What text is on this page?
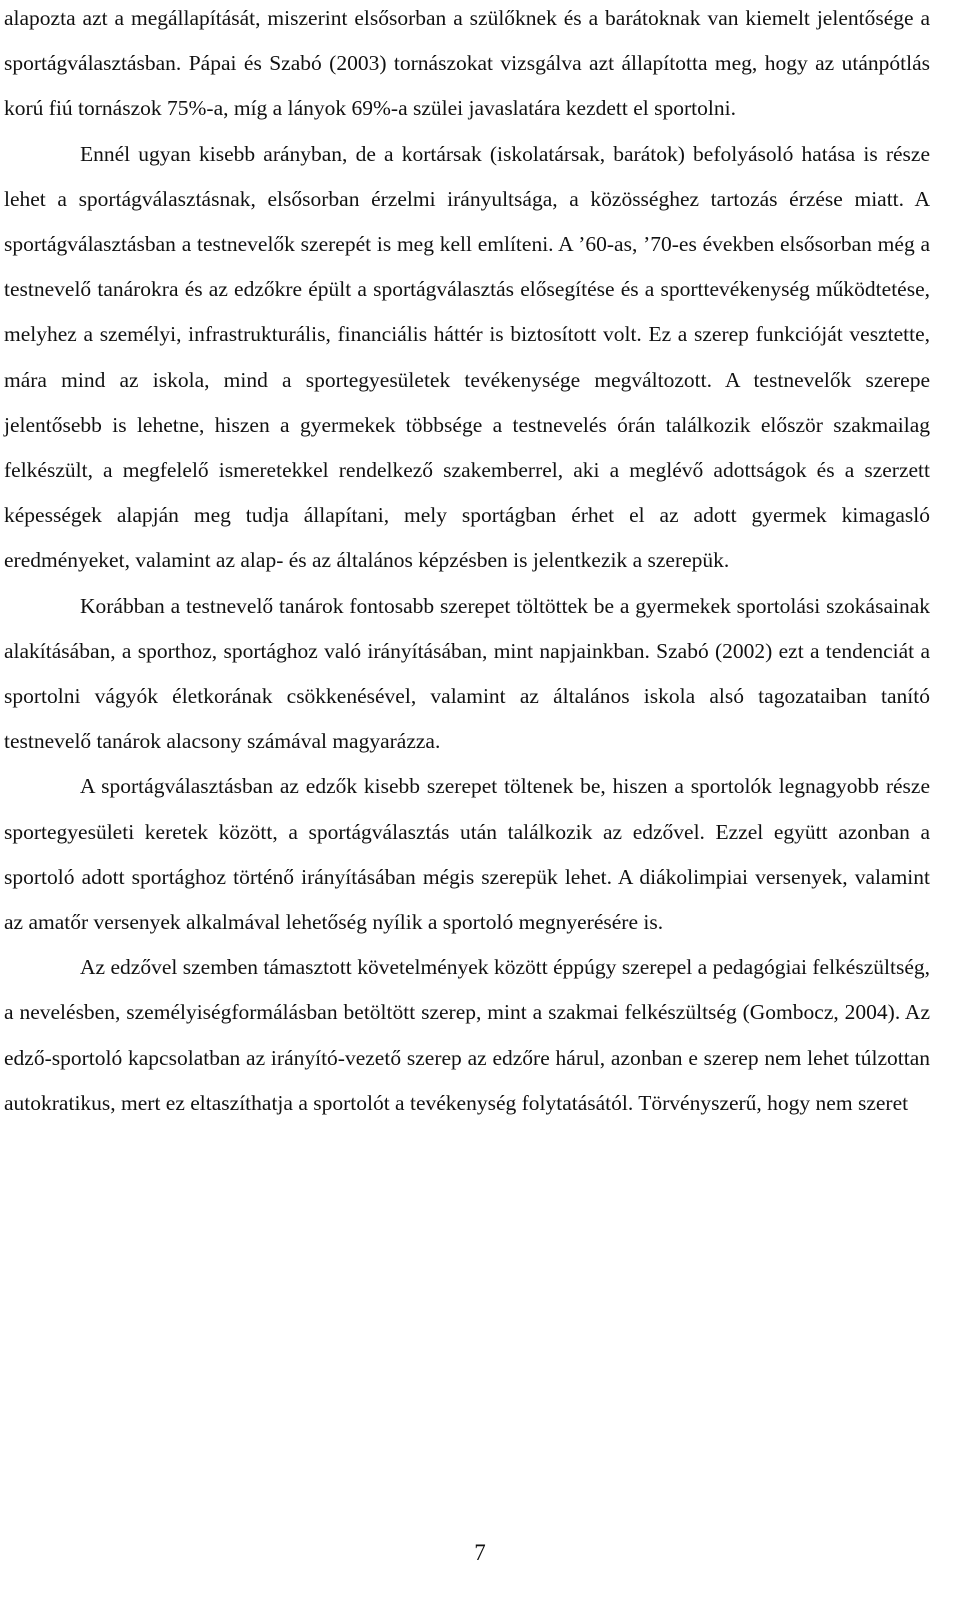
alapozta azt a megállapítását, miszerint elsősorban a szülőknek és a barátoknak van kiemelt jelentősége a sportágválasztásban. Pápai és Szabó (2003) tornászokat vizsgálva azt állapította meg, hogy az utánpótlás korú fiú tornászok 75%-a, míg a lányok 69%-a szülei javaslatára kezdett el sportolni.

Ennél ugyan kisebb arányban, de a kortársak (iskolatársak, barátok) befolyásoló hatása is része lehet a sportágválasztásnak, elsősorban érzelmi irányultsága, a közösséghez tartozás érzése miatt. A sportágválasztásban a testnevelők szerepét is meg kell említeni. A ’60-as, ’70-es években elsősorban még a testnevelő tanárokra és az edzőkre épült a sportágválasztás elősegítése és a sporttevékenység működtetése, melyhez a személyi, infrastrukturális, financiális háttér is biztosított volt. Ez a szerep funkcióját vesztette, mára mind az iskola, mind a sportegyesületek tevékenysége megváltozott. A testnevelők szerepe jelentősebb is lehetne, hiszen a gyermekek többsége a testnevelés órán találkozik először szakmailag felkészült, a megfelelő ismeretekkel rendelkező szakemberrel, aki a meglévő adottságok és a szerzett képességek alapján meg tudja állapítani, mely sportágban érhet el az adott gyermek kimagasló eredményeket, valamint az alap- és az általános képzésben is jelentkezik a szerepük.

Korábban a testnevelő tanárok fontosabb szerepet töltöttek be a gyermekek sportolási szokásainak alakításában, a sporthoz, sportághoz való irányításában, mint napjainkban. Szabó (2002) ezt a tendenciát a sportolni vágyók életkorának csökkenésével, valamint az általános iskola alsó tagozataiban tanító testnevelő tanárok alacsony számával magyarázza.

A sportágválasztásban az edzők kisebb szerepet töltenek be, hiszen a sportolók legnagyobb része sportegyesületi keretek között, a sportágválasztás után találkozik az edzővel. Ezzel együtt azonban a sportoló adott sportághoz történő irányításában mégis szerepük lehet. A diákolimpiai versenyek, valamint az amatőr versenyek alkalmával lehetőség nyílik a sportoló megnyerésére is.

Az edzővel szemben támasztott követelmények között éppúgy szerepel a pedagógiai felkészültség, a nevelésben, személyiségformálásban betöltött szerep, mint a szakmai felkészültség (Gombocz, 2004). Az edző-sportoló kapcsolatban az irányító-vezető szerep az edzőre hárul, azonban e szerep nem lehet túlzottan autokratikus, mert ez eltaszíthatja a sportolót a tevékenység folytatásától. Törvényszerű, hogy nem szeret

7
